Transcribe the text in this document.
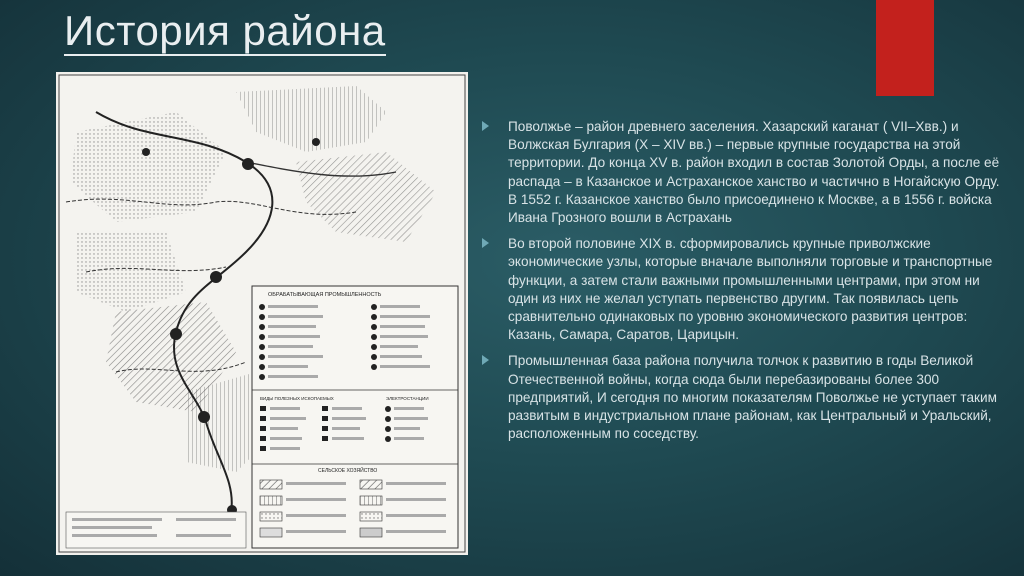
История района
ОБРАБАТЫВАЮЩАЯ ПРОМЫШЛЕННОСТЬ
ВИДЫ ПОЛЕЗНЫХ ИСКОПАЕМЫХ	ЭЛЕКТРОСТАНЦИИ
СЕЛЬСКОЕ ХОЗЯЙСТВО
Поволжье – район древнего заселения. Хазарский каганат ( VII–Xвв.) и Волжская Булгария (X – XIV вв.) – первые крупные государства на этой территории. До конца XV в. район входил в состав Золотой Орды, а после её распада – в Казанское и Астраханское ханство и частично в Ногайскую Орду. В 1552 г. Казанское ханство было присоединено к Москве, а в 1556 г. войска Ивана Грозного вошли в Астрахань
Во второй половине XIX в. сформировались крупные приволжские экономические узлы, которые вначале выполняли торговые и транспортные функции, а затем стали важными промышленными центрами, при этом ни один из них не желал уступать первенство другим. Так появилась цепь сравнительно одинаковых по уровню экономического развития центров: Казань, Самара, Саратов, Царицын.
Промышленная база района получила толчок к развитию в годы Великой Отечественной войны, когда сюда были перебазированы более 300 предприятий, И сегодня по многим показателям Поволжье не уступает таким развитым в индустриальном плане районам, как Центральный и Уральский, расположенным по соседству.
